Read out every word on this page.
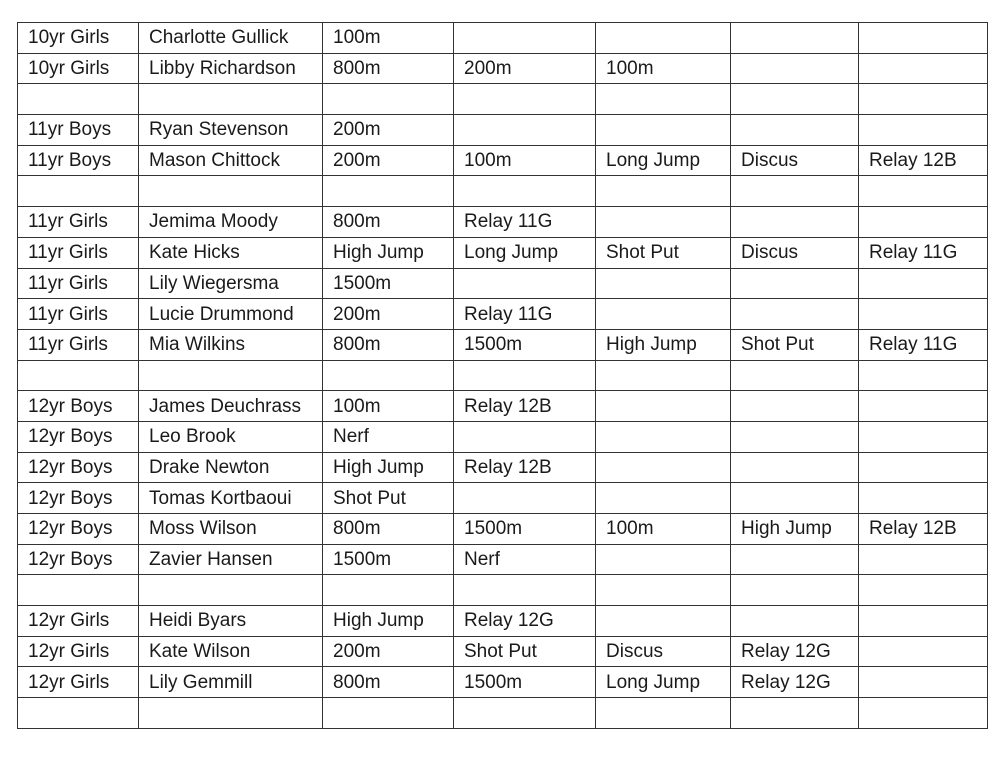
10yr Girls	Charlotte Gullick	100m				
10yr Girls	Libby Richardson	800m	200m	100m		

11yr Boys	Ryan Stevenson	200m				
11yr Boys	Mason Chittock	200m	100m	Long Jump	Discus	Relay 12B

11yr Girls	Jemima Moody	800m	Relay 11G			
11yr Girls	Kate Hicks	High Jump	Long Jump	Shot Put	Discus	Relay 11G
11yr Girls	Lily Wiegersma	1500m				
11yr Girls	Lucie Drummond	200m	Relay 11G			
11yr Girls	Mia Wilkins	800m	1500m	High Jump	Shot Put	Relay 11G

12yr Boys	James Deuchrass	100m	Relay 12B			
12yr Boys	Leo Brook	Nerf				
12yr Boys	Drake Newton	High Jump	Relay 12B			
12yr Boys	Tomas Kortbaoui	Shot Put				
12yr Boys	Moss Wilson	800m	1500m	100m	High Jump	Relay 12B
12yr Boys	Zavier Hansen	1500m	Nerf			

12yr Girls	Heidi Byars	High Jump	Relay 12G			
12yr Girls	Kate Wilson	200m	Shot Put	Discus	Relay 12G	
12yr Girls	Lily Gemmill	800m	1500m	Long Jump	Relay 12G	
